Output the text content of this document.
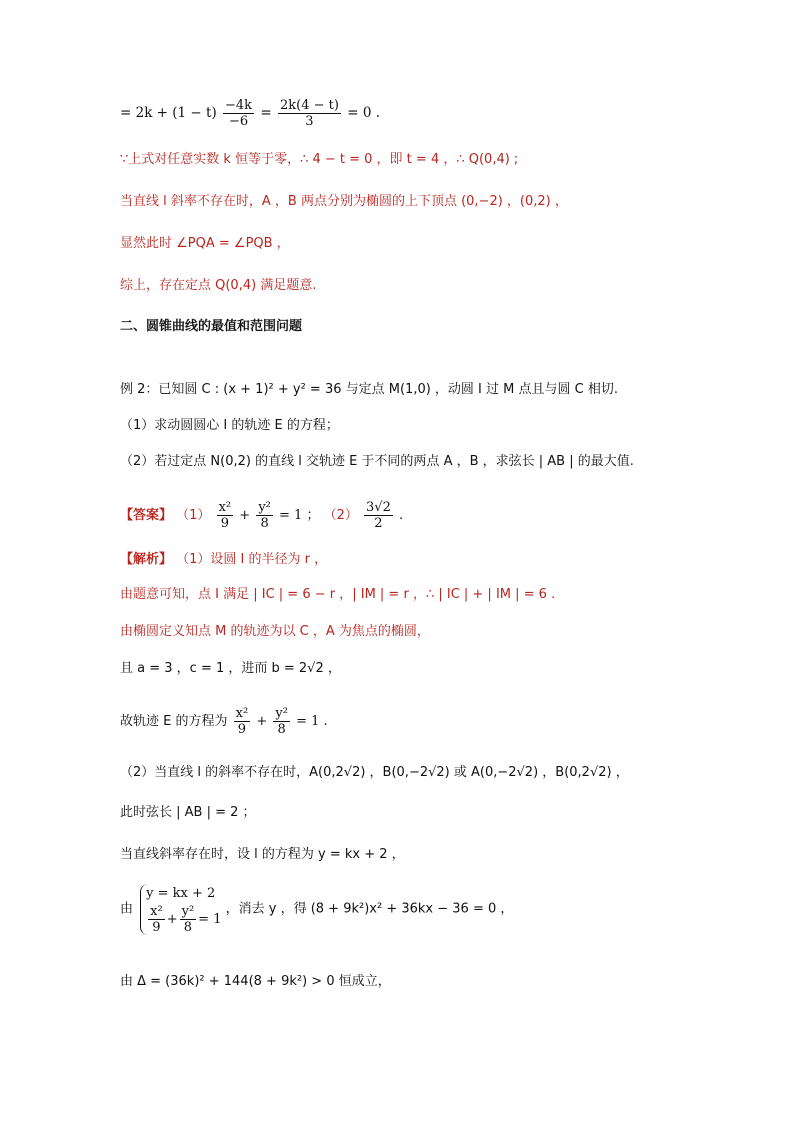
= $2k + (1 - t) \frac{-4k}{-6} = \frac{2k(4 - t)}{3} = 0$ .
∵上式对任意实数 k 恒等于零，∴ 4 − t = 0 ，即 t = 4 ，∴ Q(0,4) ;
当直线 l 斜率不存在时，A ，B 两点分别为椭圆的上下顶点 (0,−2) ，(0,2) ，
显然此时 ∠PQA = ∠PQB ，
综上，存在定点 Q(0,4) 满足题意.
二、圆锥曲线的最值和范围问题
例 2：已知圆 C : (x + 1)² + y² = 36 与定点 M(1,0) ，动圆 I 过 M 点且与圆 C 相切.
（1）求动圆圆心 I 的轨迹 E 的方程；
（2）若过定点 N(0,2) 的直线 l 交轨迹 E 于不同的两点 A ，B ，求弦长 | AB | 的最大值.
【答案】 $(1) \frac{\text{x²}}{9} + \frac{\text{y²}}{8} = 1$ ； $(2) \frac{3√2}{2}$ .
【解析】 （1）设圆 I 的半径为 r ，
由题意可知，点 I 满足 | IC | = 6 − r ，| IM | = r ，∴ | IC | + | IM | = 6 .
由椭圆定义知点 M 的轨迹为以 C ，A 为焦点的椭圆，
且 a = 3 ，c = 1 ，进而 b = 2√2 ，
故轨迹 E 的方程为 $\frac{\text{x²}}{9} + \frac{\text{y²}}{8} = 1$ .
（2）当直线 l 的斜率不存在时，A(0,2√2) ，B(0,−2√2) 或 A(0,−2√2) ，B(0,2√2) ，
此时弦长 | AB | = 2 ；
当直线斜率存在时，设 l 的方程为 y = kx + 2 ，
由
y = kx + 2
$\frac{\text{x²}}{9} + \frac{\text{y²}}{8} = 1$
，消去 y ，得 (8 + 9k²)x² + 36kx − 36 = 0 ，
由 Δ = (36k)² + 144(8 + 9k²) > 0 恒成立，
